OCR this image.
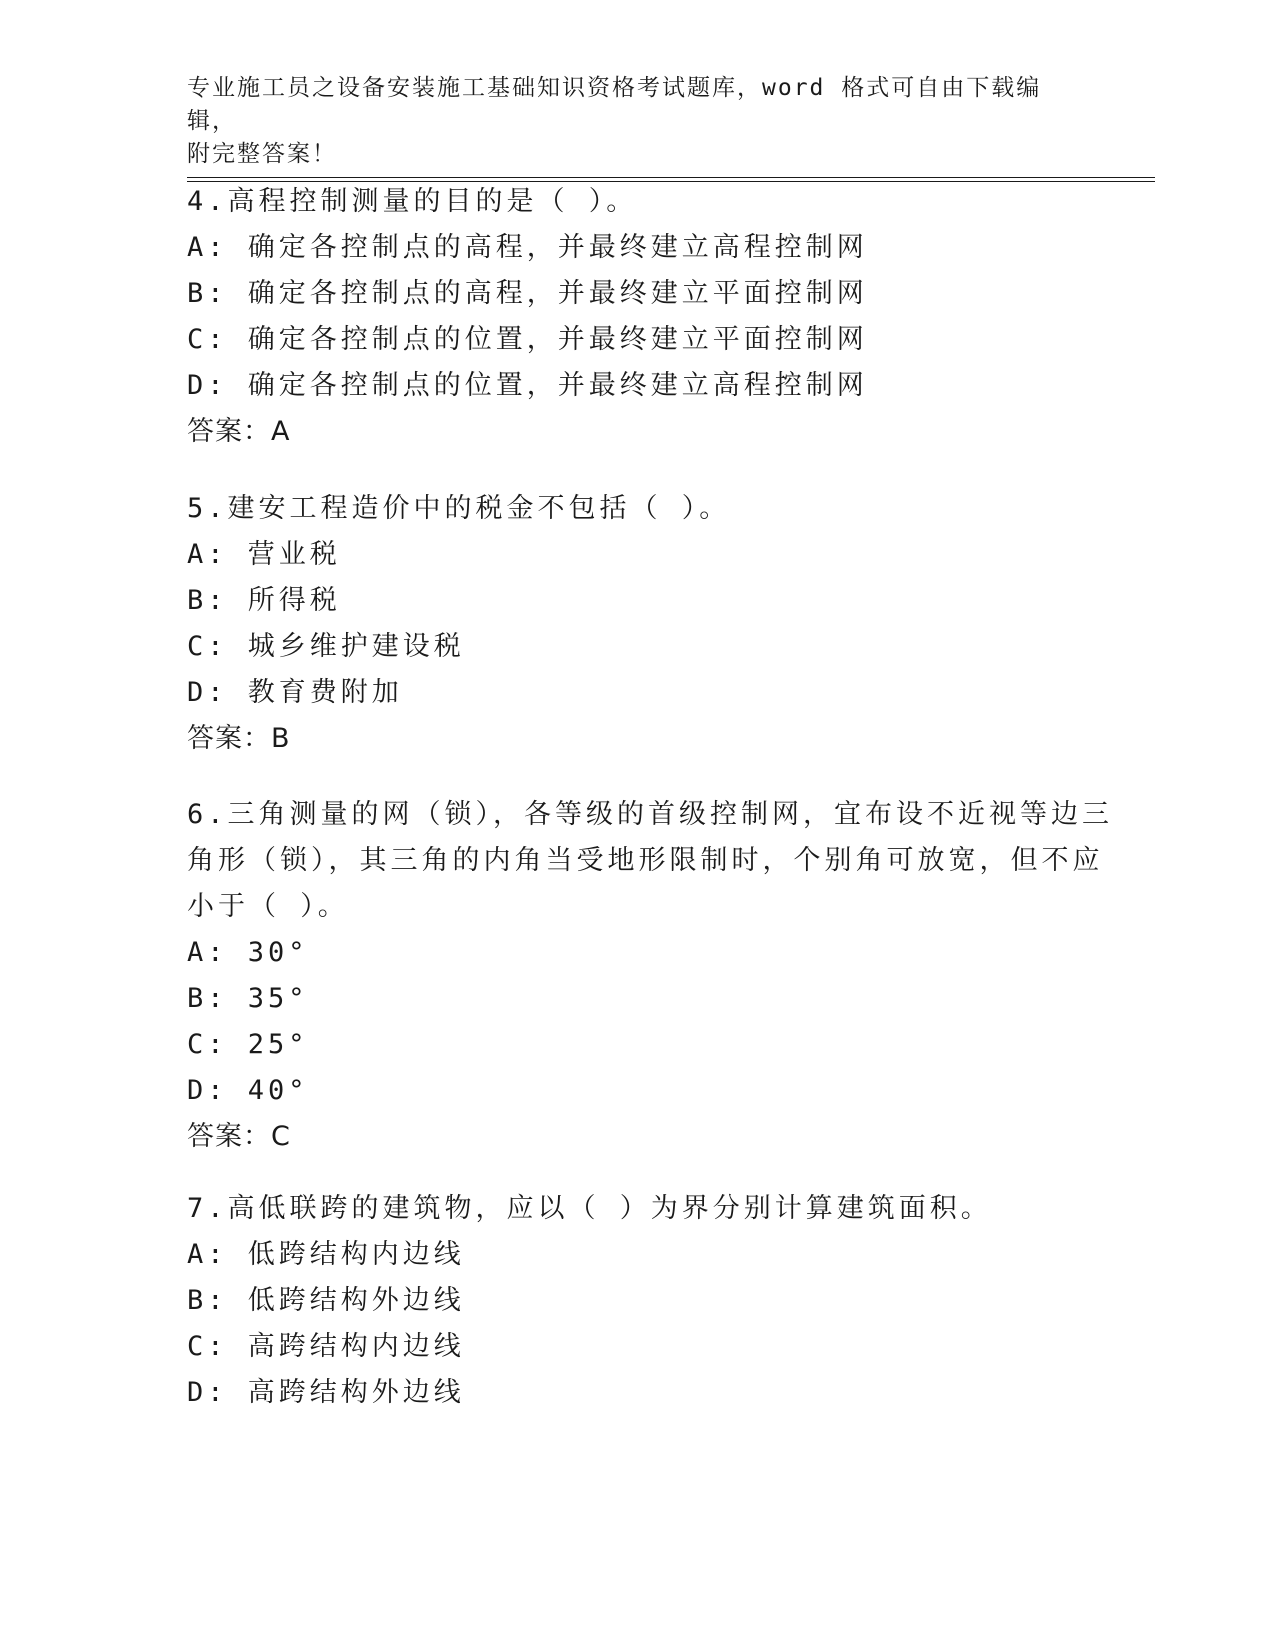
专业施工员之设备安装施工基础知识资格考试题库，word 格式可自由下载编辑，
附完整答案！
4.高程控制测量的目的是（ ）。
A: 确定各控制点的高程，并最终建立高程控制网
B: 确定各控制点的高程，并最终建立平面控制网
C: 确定各控制点的位置，并最终建立平面控制网
D: 确定各控制点的位置，并最终建立高程控制网
答案：A
5.建安工程造价中的税金不包括（ ）。
A: 营业税
B: 所得税
C: 城乡维护建设税
D: 教育费附加
答案：B
6.三角测量的网（锁），各等级的首级控制网，宜布设不近视等边三
角形（锁），其三角的内角当受地形限制时，个别角可放宽，但不应
小于（ ）。
A: 30°
B: 35°
C: 25°
D: 40°
答案：C
7.高低联跨的建筑物，应以（ ）为界分别计算建筑面积。
A: 低跨结构内边线
B: 低跨结构外边线
C: 高跨结构内边线
D: 高跨结构外边线
